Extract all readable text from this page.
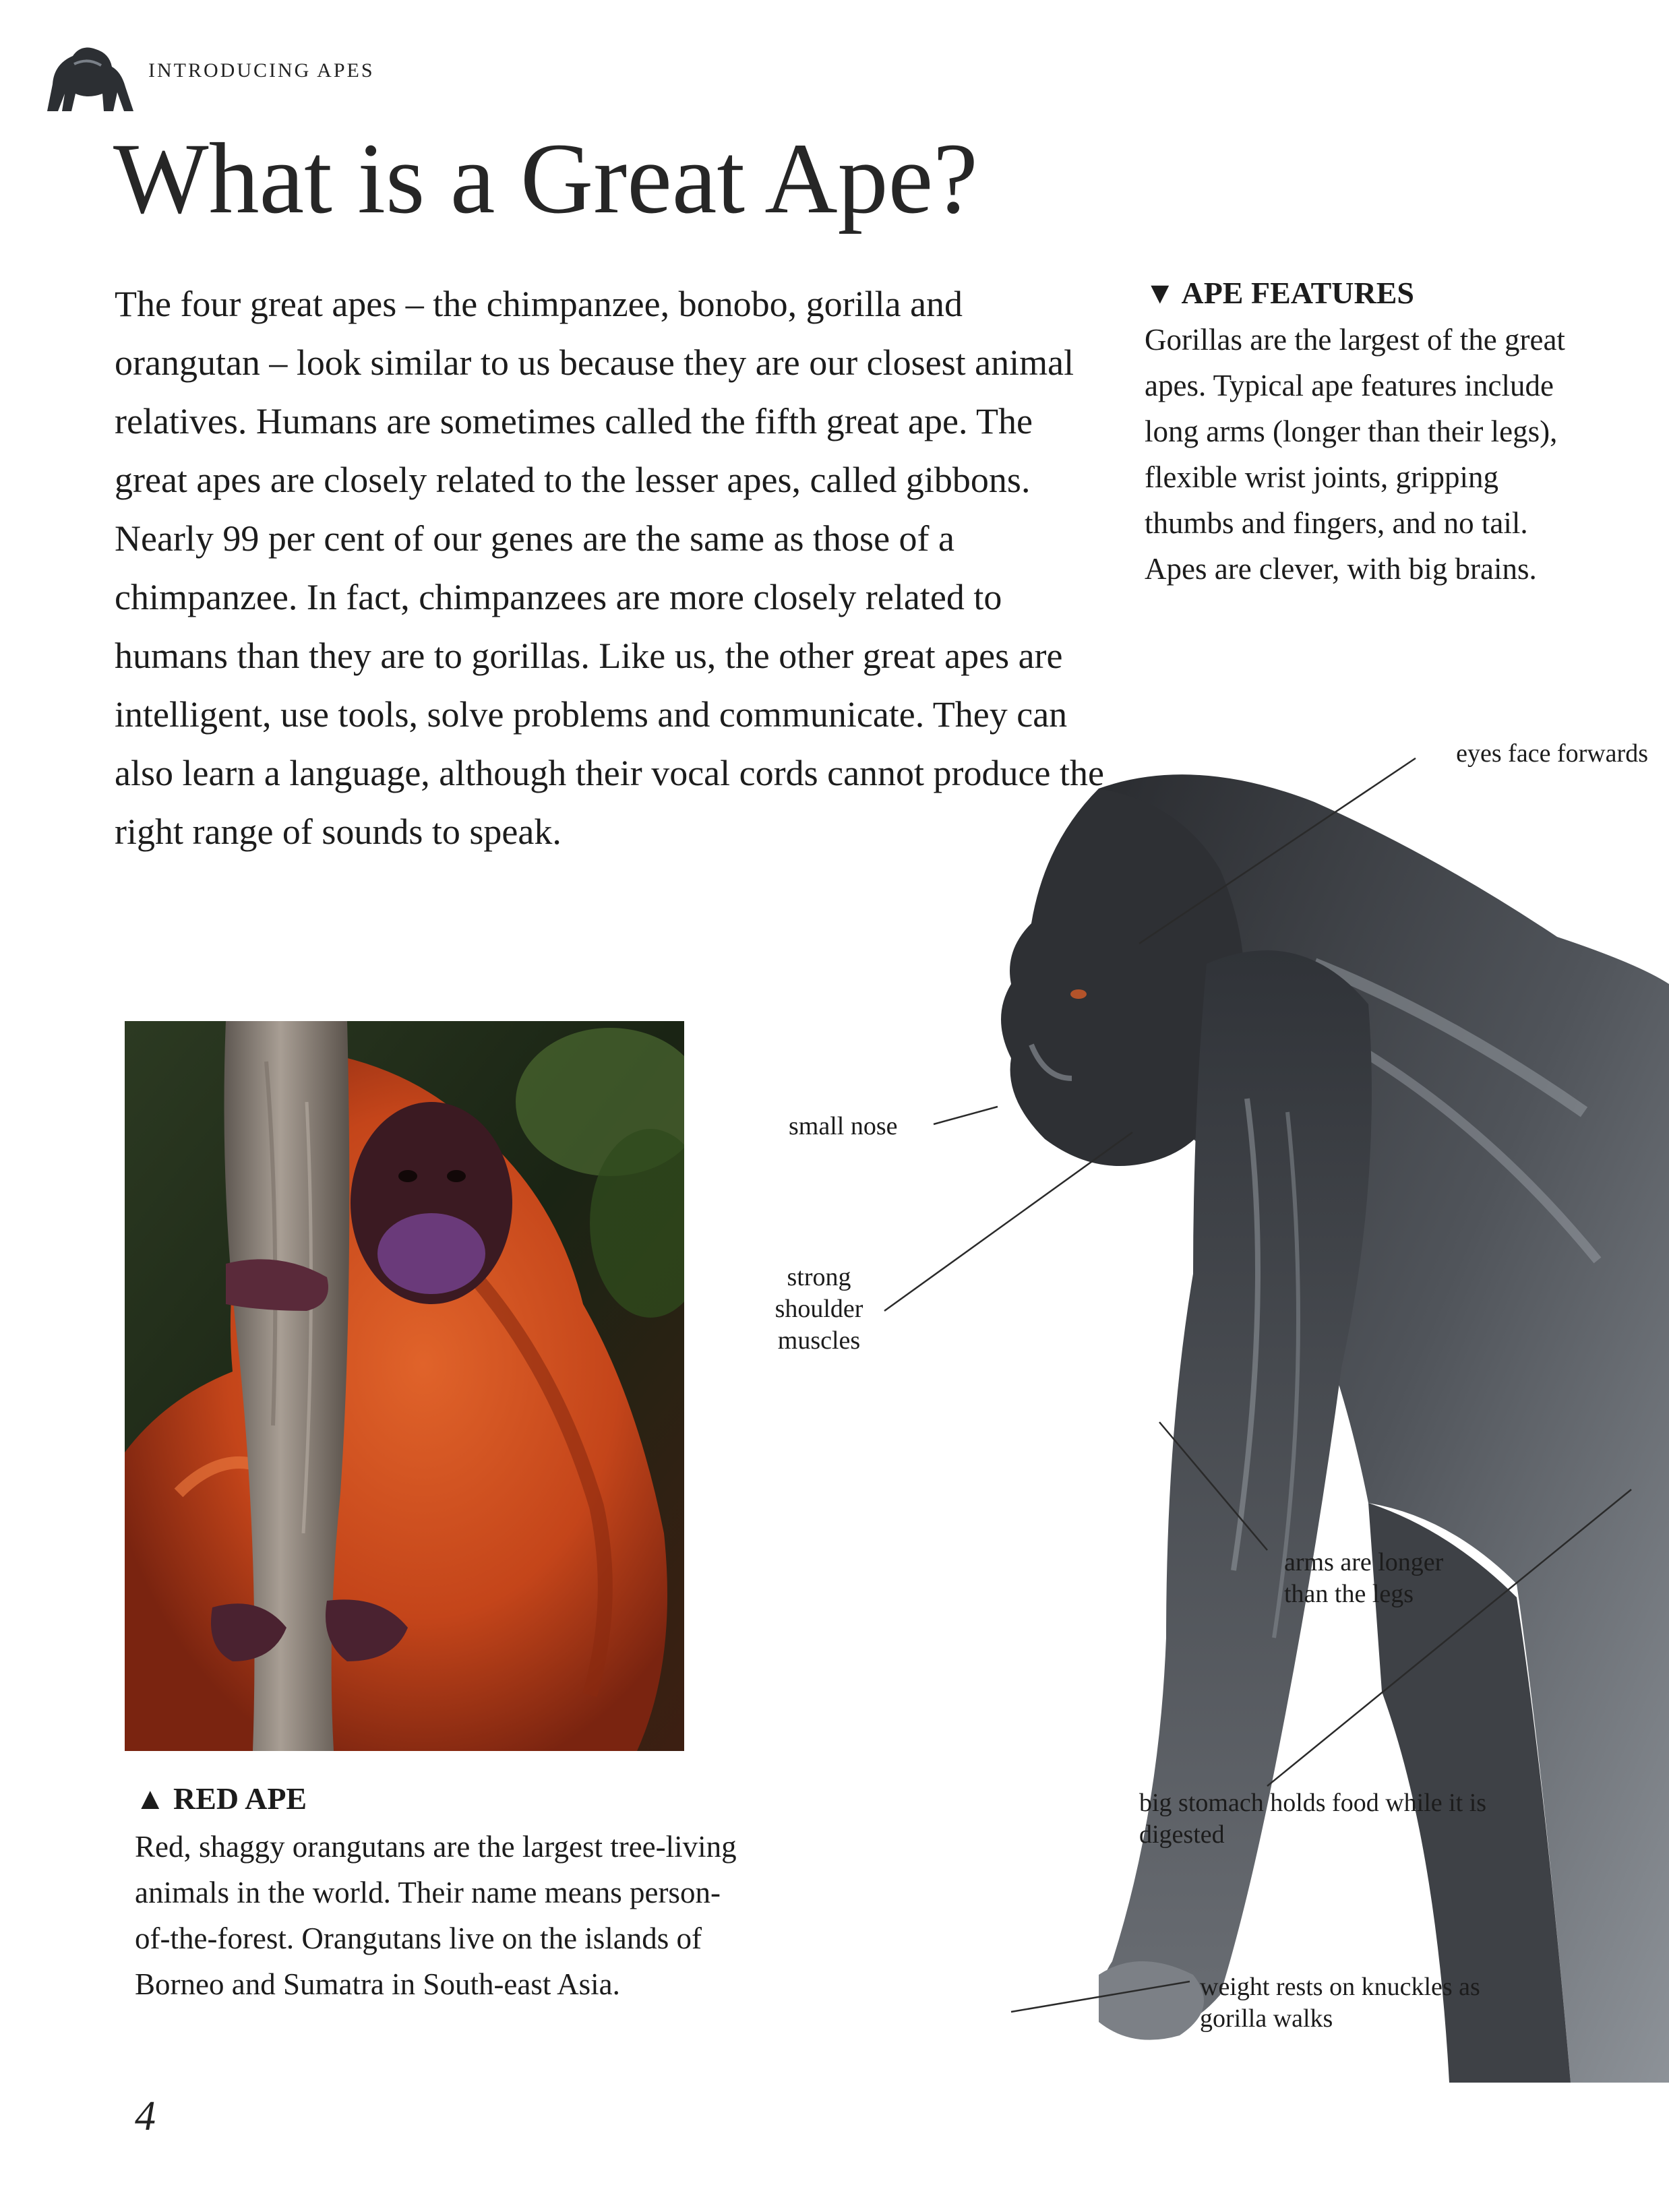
INTRODUCING APES
What is a Great Ape?
The four great apes – the chimpanzee, bonobo, gorilla and orangutan – look similar to us because they are our closest animal relatives. Humans are sometimes called the fifth great ape. The great apes are closely related to the lesser apes, called gibbons. Nearly 99 per cent of our genes are the same as those of a chimpanzee. In fact, chimpanzees are more closely related to humans than they are to gorillas. Like us, the other great apes are intelligent, use tools, solve problems and communicate. They can also learn a language, although their vocal cords cannot produce the right range of sounds to speak.
▼ APE FEATURES
Gorillas are the largest of the great apes. Typical ape features include long arms (longer than their legs), flexible wrist joints, gripping thumbs and fingers, and no tail. Apes are clever, with big brains.
▲ RED APE
Red, shaggy orangutans are the largest tree-living animals in the world. Their name means person-of-the-forest. Orangutans live on the islands of Borneo and Sumatra in South-east Asia.
eyes face forwards
small nose
strong shoulder muscles
arms are longer than the legs
big stomach holds food while it is digested
weight rests on knuckles as gorilla walks
4
